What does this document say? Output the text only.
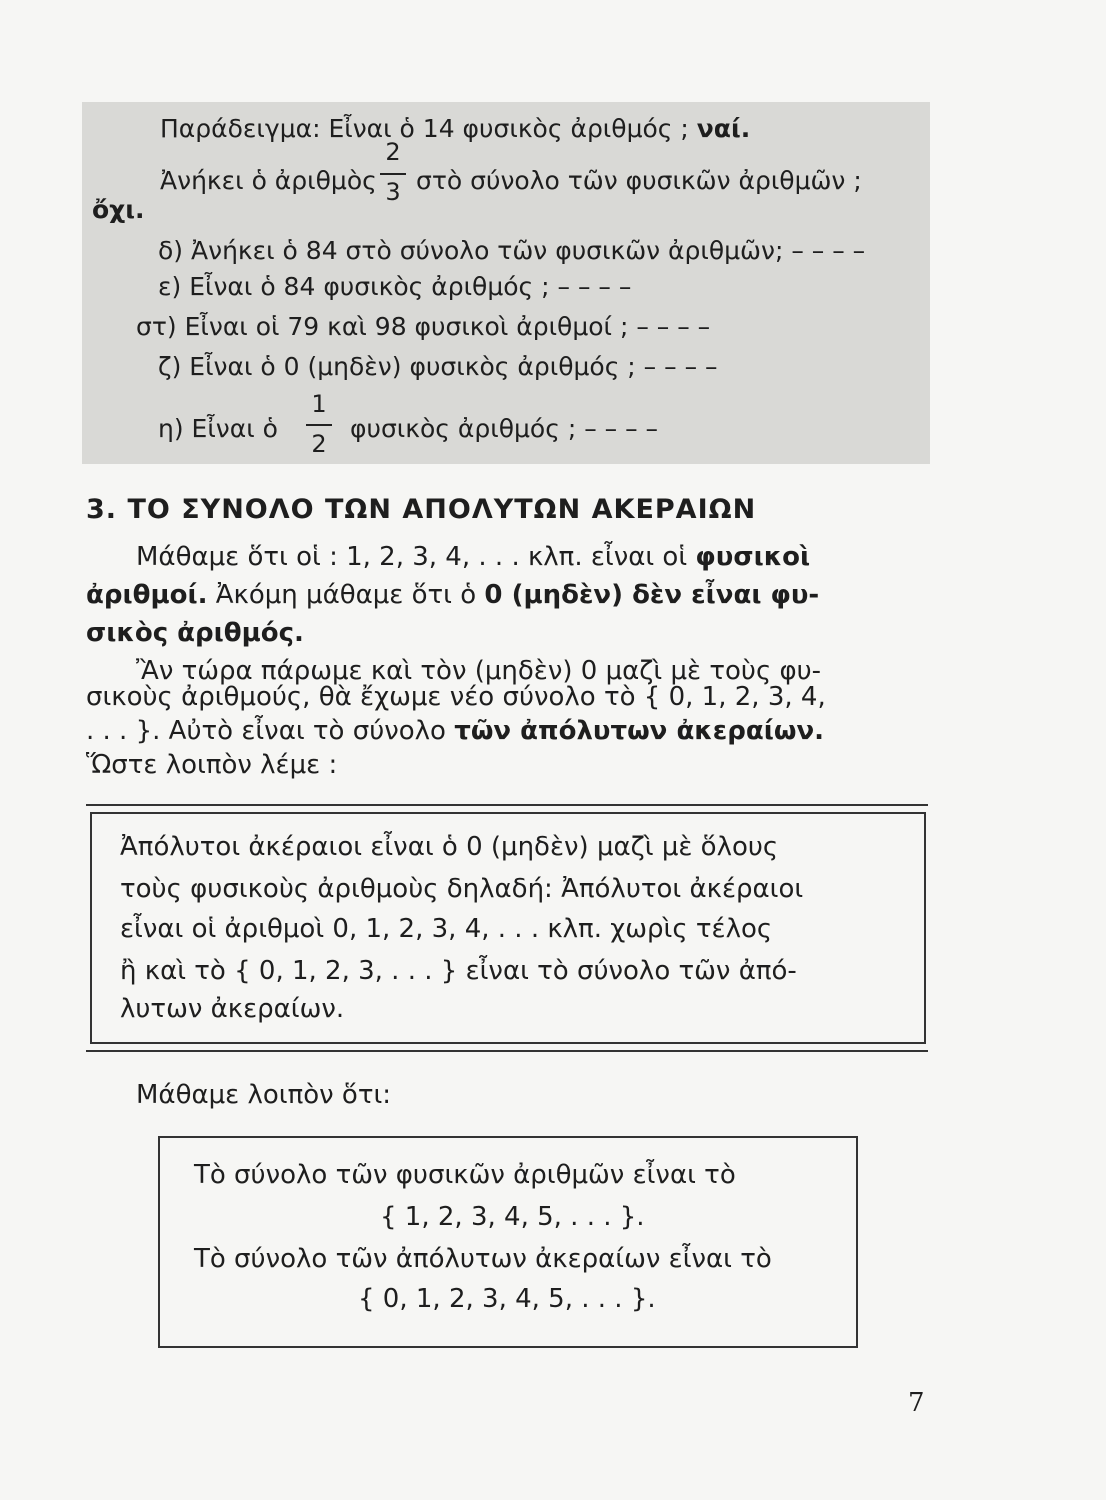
Παράδειγμα: Εἶναι ὁ 14 φυσικὸς ἀριθμός ; ναί.
Ἀνήκει ὁ ἀριθμὸς
2
3 στὸ σύνολο τῶν φυσικῶν ἀριθμῶν ;
ὄχι.
δ) Ἀνήκει ὁ 84 στὸ σύνολο τῶν φυσικῶν ἀριθμῶν; – – – –
ε) Εἶναι ὁ 84 φυσικὸς ἀριθμός ; – – – –
στ) Εἶναι οἱ 79 καὶ 98 φυσικοὶ ἀριθμοί ; – – – –
ζ) Εἶναι ὁ 0 (μηδὲν) φυσικὸς ἀριθμός ; – – – –
η) Εἶναι ὁ
1
2
φυσικὸς ἀριθμός ; – – – –
3. ΤΟ ΣΥΝΟΛΟ ΤΩΝ ΑΠΟΛΥΤΩΝ ΑΚΕΡΑΙΩΝ
Μάθαμε ὅτι οἱ : 1, 2, 3, 4, . . . κλπ. εἶναι οἱ φυσικοὶ
ἀριθμοί. Ἀκόμη μάθαμε ὅτι ὁ 0 (μηδὲν) δὲν εἶναι φυ-
σικὸς ἀριθμός.
Ἂν τώρα πάρωμε καὶ τὸν (μηδὲν) 0 μαζὶ μὲ τοὺς φυ-
σικοὺς ἀριθμούς, θὰ ἔχωμε νέο σύνολο τὸ { 0, 1, 2, 3, 4,
. . . }. Αὐτὸ εἶναι τὸ σύνολο τῶν ἀπόλυτων ἀκεραίων.
Ὥστε λοιπὸν λέμε :
Ἀπόλυτοι ἀκέραιοι εἶναι ὁ 0 (μηδὲν) μαζὶ μὲ ὅλους
τοὺς φυσικοὺς ἀριθμοὺς δηλαδή: Ἀπόλυτοι ἀκέραιοι
εἶναι οἱ ἀριθμοὶ 0, 1, 2, 3, 4, . . . κλπ. χωρὶς τέλος
ἢ καὶ τὸ { 0, 1, 2, 3, . . . } εἶναι τὸ σύνολο τῶν ἀπό-
λυτων ἀκεραίων.
Μάθαμε λοιπὸν ὅτι:
Τὸ σύνολο τῶν φυσικῶν ἀριθμῶν εἶναι τὸ
{ 1, 2, 3, 4, 5, . . . }.
Τὸ σύνολο τῶν ἀπόλυτων ἀκεραίων εἶναι τὸ
{ 0, 1, 2, 3, 4, 5, . . . }.
7
